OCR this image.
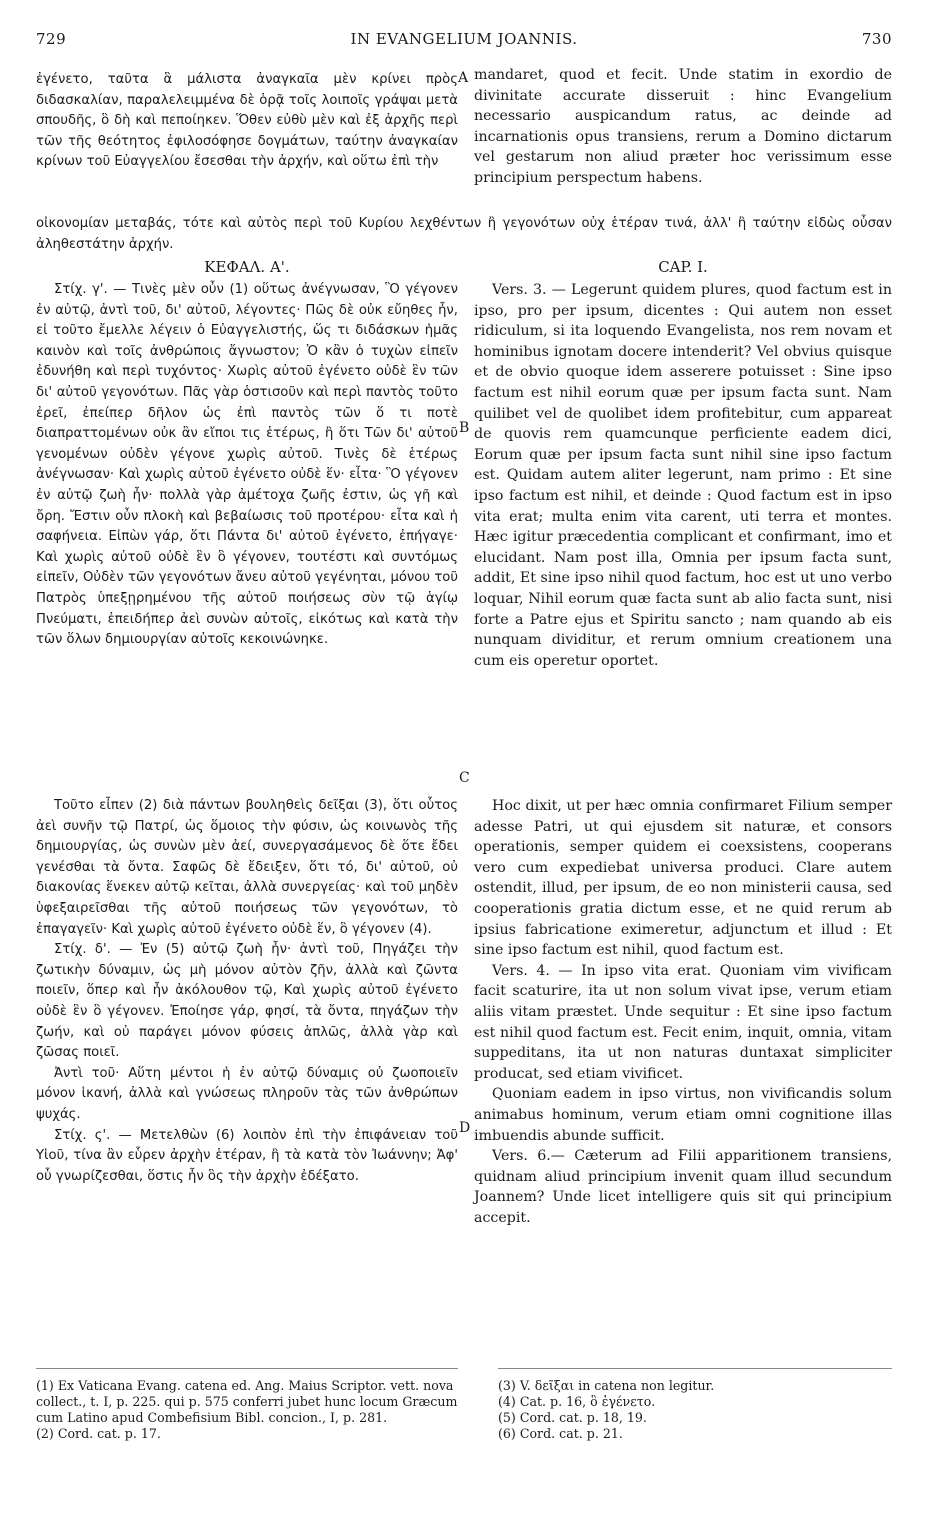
729	IN EVANGELIUM JOANNIS.	730

ἐγένετο, ταῦτα ἃ μάλιστα ἀναγκαῖα μὲν κρίνει πρὸς διδασκαλίαν, παραλελειμμένα δὲ ὁρᾷ τοῖς λοιποῖς γράψαι μετὰ σπουδῆς, ὃ δὴ καὶ πεποίηκεν. Ὅθεν εὐθὺ μὲν καὶ ἐξ ἀρχῆς περὶ τῶν τῆς θεότητος ἐφιλοσόφησε δογμάτων, ταύτην ἀναγκαίαν κρίνων τοῦ Εὐαγγελίου ἔσεσθαι τὴν ἀρχήν, καὶ οὕτω ἐπὶ τὴν

mandaret, quod et fecit. Unde statim in exordio de divinitate accurate disseruit : hinc Evangelium necessario auspicandum ratus, ac deinde ad incarnationis opus transiens, rerum a Domino dictarum vel gestarum non aliud præter hoc verissimum esse principium perspectum habens.

οἰκονομίαν μεταβάς, τότε καὶ αὐτὸς περὶ τοῦ Κυρίου λεχθέντων ἢ γεγονότων οὐχ ἑτέραν τινά, ἀλλ' ἢ ταύτην εἰδὼς οὖσαν ἀληθεστάτην ἀρχήν.

ΚΕΦΑΛ. Α'.	CAP. I.

Στίχ. γ'. — Τινὲς μὲν οὖν (1) οὕτως ἀνέγνωσαν, Ὃ γέγονεν ἐν αὐτῷ, ἀντὶ τοῦ, δι' αὐτοῦ, λέγοντες· Πῶς δὲ οὐκ εὔηθες ἦν, εἰ τοῦτο ἔμελλε λέγειν ὁ Εὐαγγελιστής, ὥς τι διδάσκων ἡμᾶς καινὸν καὶ τοῖς ἀνθρώποις ἄγνωστον; Ὁ κἂν ὁ τυχὼν εἰπεῖν ἐδυνήθη καὶ περὶ τυχόντος· Χωρὶς αὐτοῦ ἐγένετο οὐδὲ ἓν τῶν δι' αὐτοῦ γεγονότων. Πᾶς γὰρ ὁστισοῦν καὶ περὶ παντὸς τοῦτο ἐρεῖ, ἐπείπερ δῆλον ὡς ἐπὶ παντὸς τῶν ὅ τι ποτὲ διαπραττομένων οὐκ ἂν εἴποι τις ἑτέρως, ἢ ὅτι Τῶν δι' αὐτοῦ γενομένων οὐδὲν γέγονε χωρὶς αὐτοῦ. Τινὲς δὲ ἑτέρως ἀνέγνωσαν· Καὶ χωρὶς αὐτοῦ ἐγένετο οὐδὲ ἕν· εἶτα· Ὃ γέγονεν ἐν αὐτῷ ζωὴ ἦν· πολλὰ γὰρ ἀμέτοχα ζωῆς ἐστιν, ὡς γῆ καὶ ὄρη. Ἔστιν οὖν πλοκὴ καὶ βεβαίωσις τοῦ προτέρου· εἶτα καὶ ἡ σαφήνεια. Εἰπὼν γάρ, ὅτι Πάντα δι' αὐτοῦ ἐγένετο, ἐπήγαγε· Καὶ χωρὶς αὐτοῦ οὐδὲ ἓν ὃ γέγονεν, τουτέστι καὶ συντόμως εἰπεῖν, Οὐδὲν τῶν γεγονότων ἄνευ αὐτοῦ γεγένηται, μόνου τοῦ Πατρὸς ὑπεξῃρημένου τῆς αὐτοῦ ποιήσεως σὺν τῷ ἁγίῳ Πνεύματι, ἐπειδήπερ ἀεὶ συνὼν αὐτοῖς, εἰκότως καὶ κατὰ τὴν τῶν ὅλων δημιουργίαν αὐτοῖς κεκοινώνηκε.

Vers. 3. — Legerunt quidem plures, quod factum est in ipso, pro per ipsum, dicentes : Qui autem non esset ridiculum, si ita loquendo Evangelista, nos rem novam et hominibus ignotam docere intenderit? Vel obvius quisque et de obvio quoque idem asserere potuisset : Sine ipso factum est nihil eorum quæ per ipsum facta sunt. Nam quilibet vel de quolibet idem profitebitur, cum appareat de quovis rem quamcunque perficiente eadem dici, Eorum quæ per ipsum facta sunt nihil sine ipso factum est. Quidam autem aliter legerunt, nam primo : Et sine ipso factum est nihil, et deinde : Quod factum est in ipso vita erat; multa enim vita carent, uti terra et montes. Hæc igitur præcedentia complicant et confirmant, imo et elucidant. Nam post illa, Omnia per ipsum facta sunt, addit, Et sine ipso nihil quod factum, hoc est ut uno verbo loquar, Nihil eorum quæ facta sunt ab alio facta sunt, nisi forte a Patre ejus et Spiritu sancto ; nam quando ab eis nunquam dividitur, et rerum omnium creationem una cum eis operetur oportet.

Τοῦτο εἶπεν (2) διὰ πάντων βουληθεὶς δεῖξαι (3), ὅτι οὗτος ἀεὶ συνῆν τῷ Πατρί, ὡς ὅμοιος τὴν φύσιν, ὡς κοινωνὸς τῆς δημιουργίας, ὡς συνὼν μὲν ἀεί, συνεργασάμενος δὲ ὅτε ἔδει γενέσθαι τὰ ὄντα. Σαφῶς δὲ ἔδειξεν, ὅτι τό, δι' αὐτοῦ, οὐ διακονίας ἕνεκεν αὐτῷ κεῖται, ἀλλὰ συνεργείας· καὶ τοῦ μηδὲν ὑφεξαιρεῖσθαι τῆς αὐτοῦ ποιήσεως τῶν γεγονότων, τὸ ἐπαγαγεῖν· Καὶ χωρὶς αὐτοῦ ἐγένετο οὐδὲ ἕν, ὃ γέγονεν (4).

Στίχ. δ'. — Ἐν (5) αὐτῷ ζωὴ ἦν· ἀντὶ τοῦ, Πηγάζει τὴν ζωτικὴν δύναμιν, ὡς μὴ μόνον αὐτὸν ζῆν, ἀλλὰ καὶ ζῶντα ποιεῖν, ὅπερ καὶ ἦν ἀκόλουθον τῷ, Καὶ χωρὶς αὐτοῦ ἐγένετο οὐδὲ ἓν ὃ γέγονεν. Ἐποίησε γάρ, φησί, τὰ ὄντα, πηγάζων τὴν ζωήν, καὶ οὐ παράγει μόνον φύσεις ἁπλῶς, ἀλλὰ γὰρ καὶ ζῶσας ποιεῖ.

Ἀντὶ τοῦ· Αὕτη μέντοι ἡ ἐν αὐτῷ δύναμις οὐ ζωοποιεῖν μόνον ἱκανή, ἀλλὰ καὶ γνώσεως πληροῦν τὰς τῶν ἀνθρώπων ψυχάς.

Στίχ. ς'. — Μετελθὼν (6) λοιπὸν ἐπὶ τὴν ἐπιφάνειαν τοῦ Υἱοῦ, τίνα ἂν εὗρεν ἀρχὴν ἑτέραν, ἢ τὰ κατὰ τὸν Ἰωάννην; Ἀφ' οὗ γνωρίζεσθαι, ὅστις ἦν ὃς τὴν ἀρχὴν ἐδέξατο.

Hoc dixit, ut per hæc omnia confirmaret Filium semper adesse Patri, ut qui ejusdem sit naturæ, et consors operationis, semper quidem ei coexsistens, cooperans vero cum expediebat universa produci. Clare autem ostendit, illud, per ipsum, de eo non ministerii causa, sed cooperationis gratia dictum esse, et ne quid rerum ab ipsius fabricatione eximeretur, adjunctum et illud : Et sine ipso factum est nihil, quod factum est.

Vers. 4. — In ipso vita erat. Quoniam vim vivificam facit scaturire, ita ut non solum vivat ipse, verum etiam aliis vitam præstet. Unde sequitur : Et sine ipso factum est nihil quod factum est. Fecit enim, inquit, omnia, vitam suppeditans, ita ut non naturas duntaxat simpliciter producat, sed etiam vivificet.

Quoniam eadem in ipso virtus, non vivificandis solum animabus hominum, verum etiam omni cognitione illas imbuendis abunde sufficit.

Vers. 6.— Cæterum ad Filii apparitionem transiens, quidnam aliud principium invenit quam illud secundum Joannem? Unde licet intelligere quis sit qui principium accepit.

A
B
C
D
(1) Ex Vaticana Evang. catena ed. Ang. Maius Scriptor. vett. nova collect., t. I, p. 225. qui p. 575 conferri jubet hunc locum Græcum cum Latino apud Combefisium Bibl. concion., I, p. 281.
(2) Cord. cat. p. 17.
(3) V. δεῖξαι in catena non legitur.
(4) Cat. p. 16, ὃ ἐγένετο.
(5) Cord. cat. p. 18, 19.
(6) Cord. cat. p. 21.
